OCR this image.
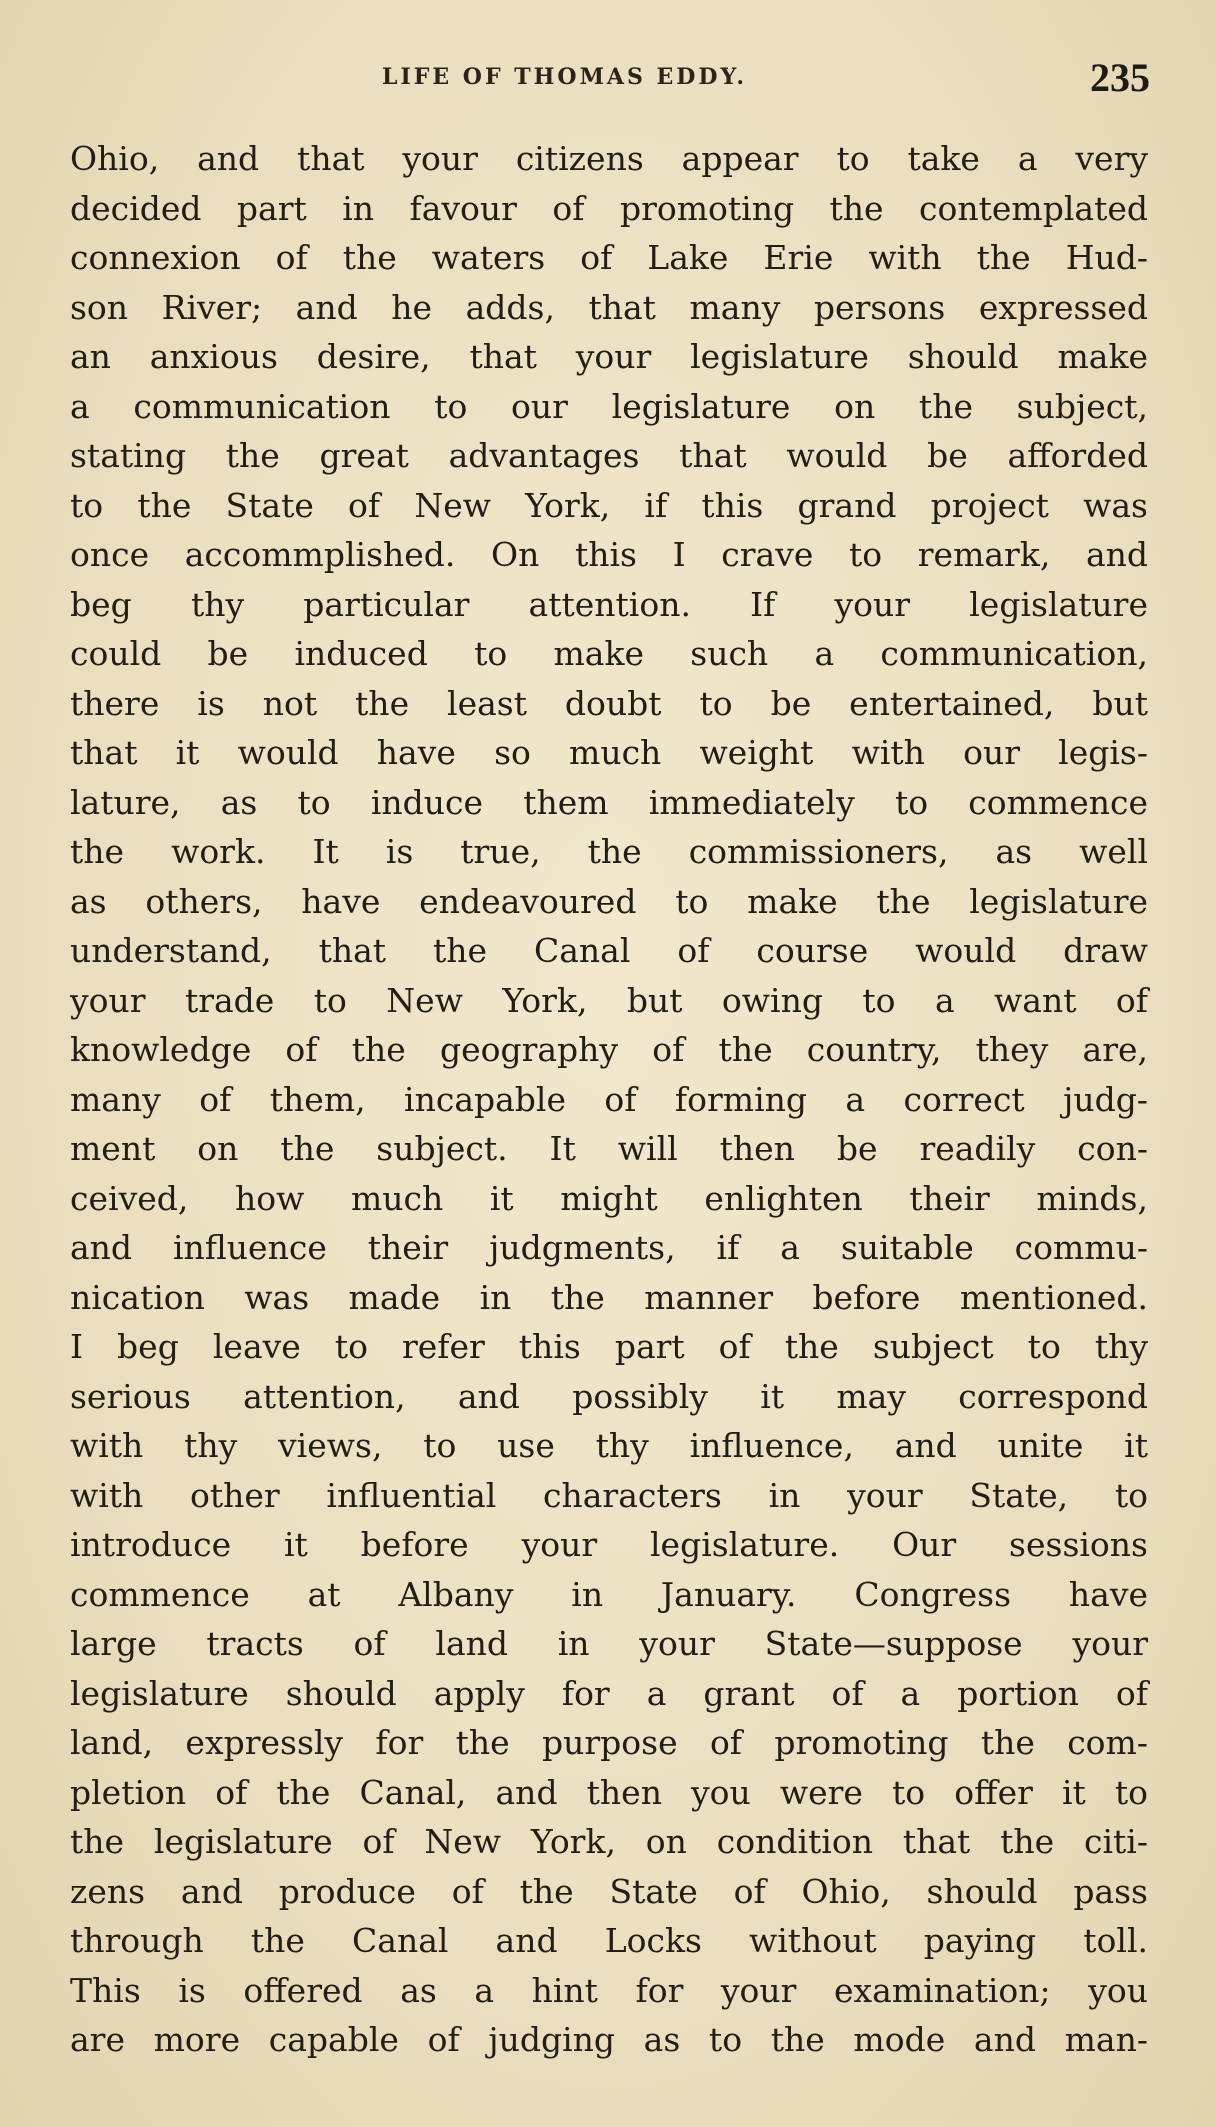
LIFE OF THOMAS EDDY.	235
Ohio, and that your citizens appear to take a very
decided part in favour of promoting the contemplated
connexion of the waters of Lake Erie with the Hud-
son River; and he adds, that many persons expressed
an anxious desire, that your legislature should make
a communication to our legislature on the subject,
stating the great advantages that would be afforded
to the State of New York, if this grand project was
once accommplished. On this I crave to remark, and
beg thy particular attention. If your legislature
could be induced to make such a communication,
there is not the least doubt to be entertained, but
that it would have so much weight with our legis-
lature, as to induce them immediately to commence
the work. It is true, the commissioners, as well
as others, have endeavoured to make the legislature
understand, that the Canal of course would draw
your trade to New York, but owing to a want of
knowledge of the geography of the country, they are,
many of them, incapable of forming a correct judg-
ment on the subject. It will then be readily con-
ceived, how much it might enlighten their minds,
and influence their judgments, if a suitable commu-
nication was made in the manner before mentioned.
I beg leave to refer this part of the subject to thy
serious attention, and possibly it may correspond
with thy views, to use thy influence, and unite it
with other influential characters in your State, to
introduce it before your legislature. Our sessions
commence at Albany in January. Congress have
large tracts of land in your State—suppose your
legislature should apply for a grant of a portion of
land, expressly for the purpose of promoting the com-
pletion of the Canal, and then you were to offer it to
the legislature of New York, on condition that the citi-
zens and produce of the State of Ohio, should pass
through the Canal and Locks without paying toll.
This is offered as a hint for your examination; you
are more capable of judging as to the mode and man-
